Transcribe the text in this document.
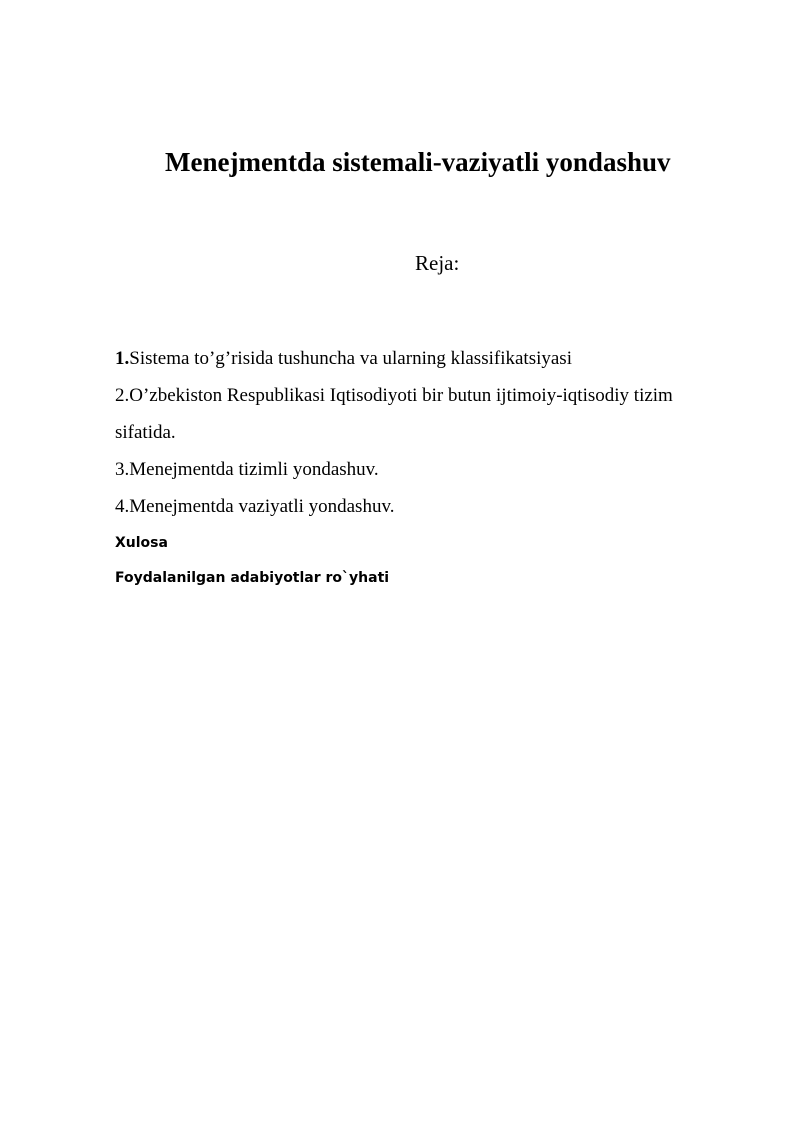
Menejmentda sistemali-vaziyatli yondashuv
Reja:
1.Sistema to’g’risida tushuncha va ularning klassifikatsiyasi
2.O’zbekiston Respublikasi Iqtisodiyoti bir butun ijtimoiy-iqtisodiy tizim sifatida.
3.Menejmentda tizimli yondashuv.
4.Menejmentda vaziyatli yondashuv.
Xulosa
Foydalanilgan adabiyotlar ro`yhati
